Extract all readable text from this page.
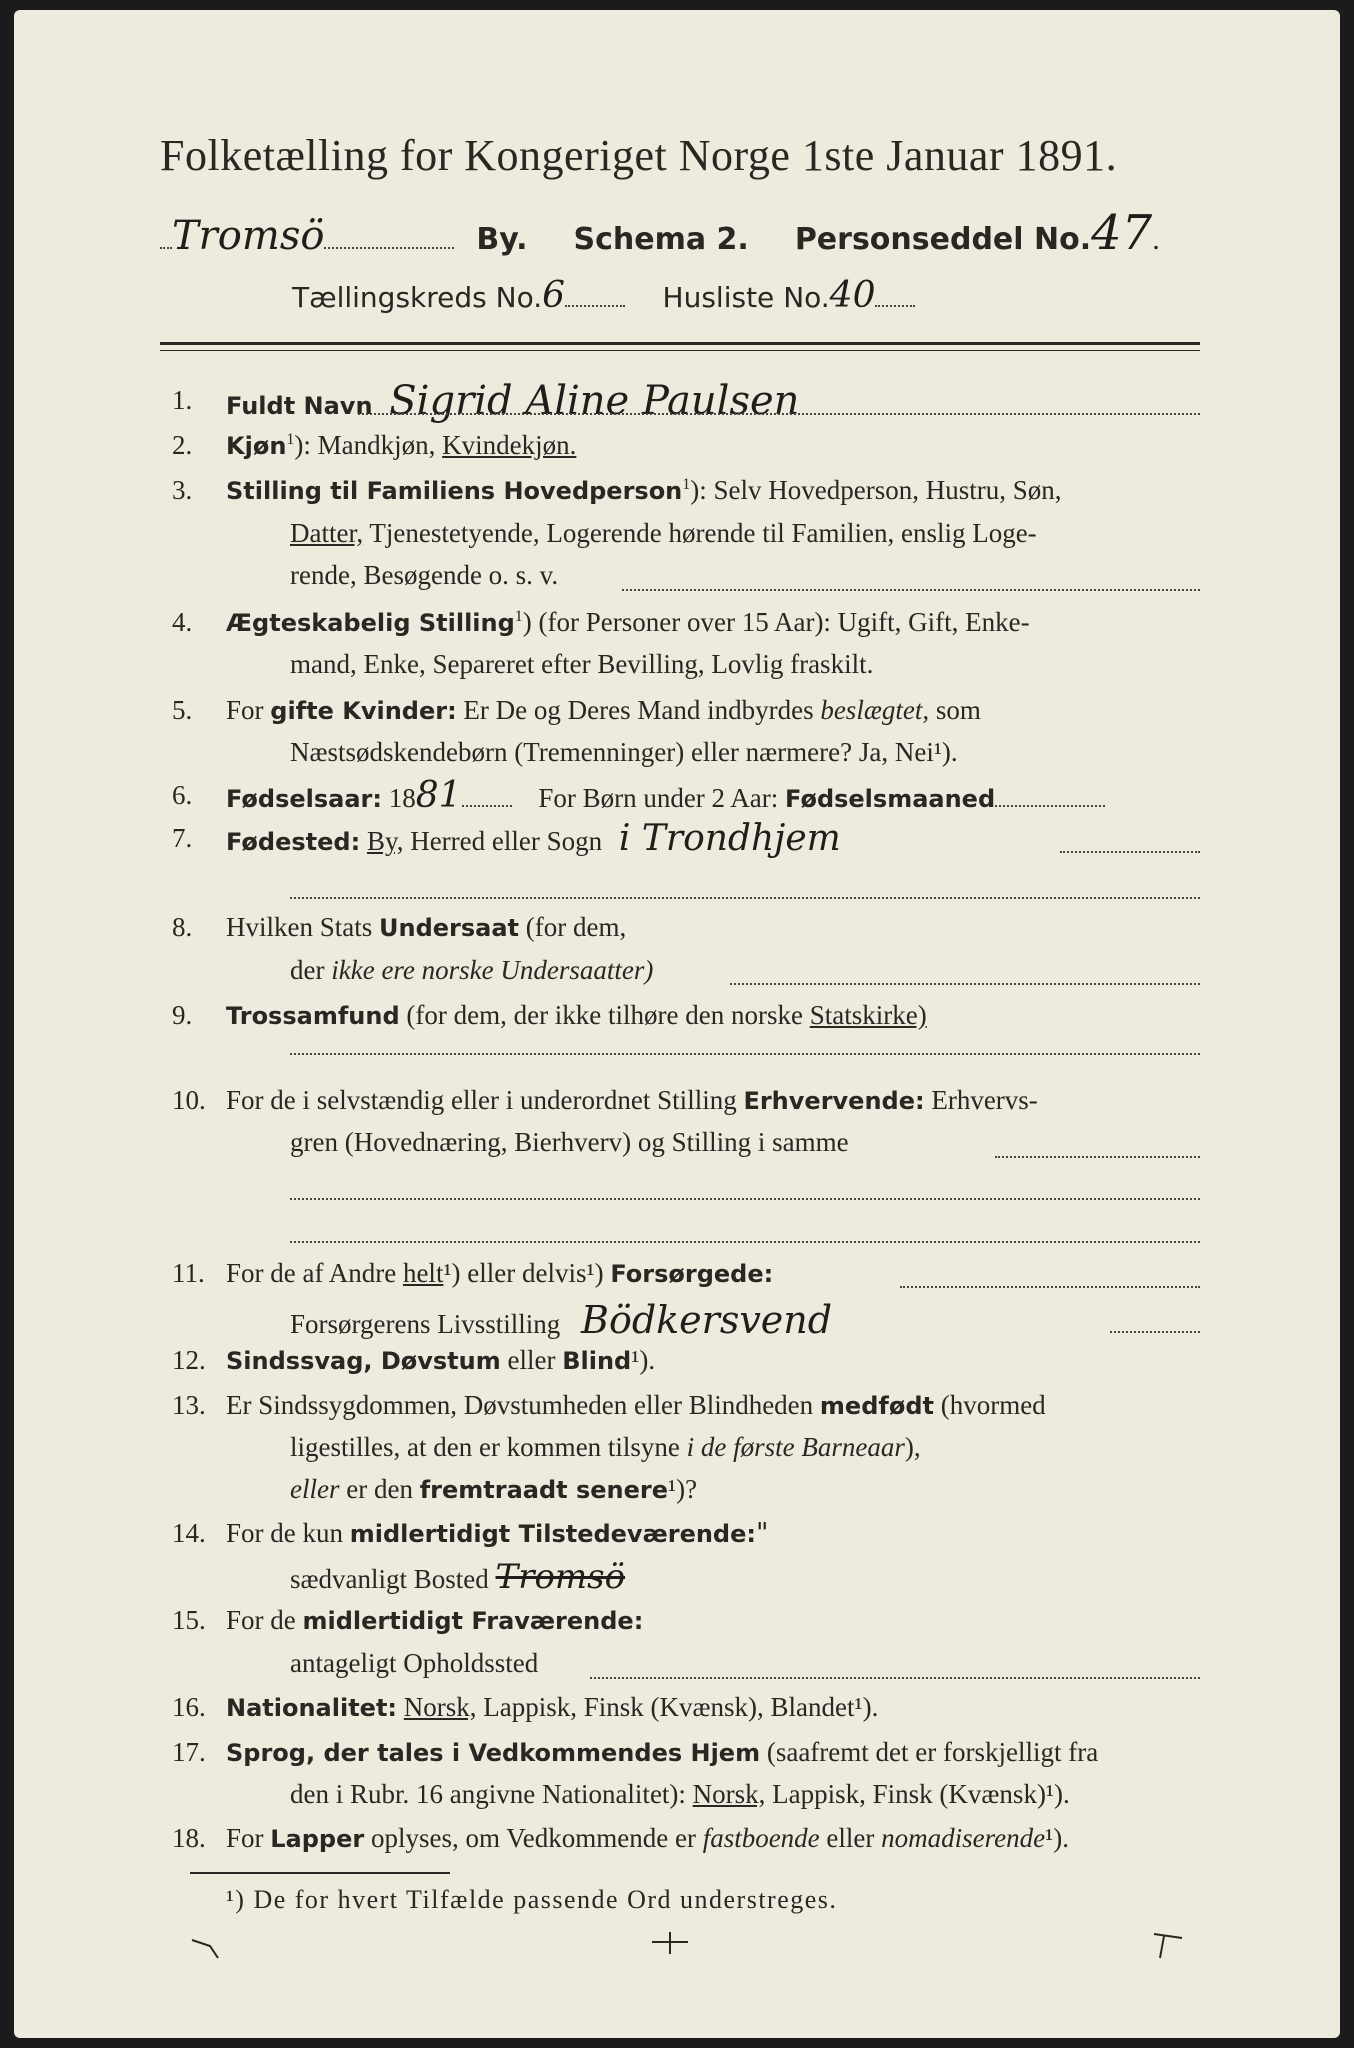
Folketælling for Kongeriget Norge 1ste Januar 1891.
Tromsö	By. Schema 2. Personseddel No.47.
Tællingskreds No.6	Husliste No.40
1. Fuldt Navn Sigrid Aline Paulsen
2. Kjøn$^1$): Mandkjøn, Kvindekjøn.
3. Stilling til Familiens Hovedperson$^1$): Selv Hovedperson, Hustru, Søn,
Datter, Tjenestetyende, Logerende hørende til Familien, enslig Loge-
rende, Besøgende o. s. v.
4. Ægteskabelig Stilling$^1$) (for Personer over 15 Aar): Ugift, Gift, Enke-
mand, Enke, Separeret efter Bevilling, Lovlig fraskilt.
5. For gifte Kvinder: Er De og Deres Mand indbyrdes beslægtet, som
Næstsødskendebørn (Tremenninger) eller nærmere? Ja, Nei¹).
6. Fødselsaar: 1881	For Børn under 2 Aar: Fødselsmaaned
7. Fødested: By, Herred eller Sogn i Trondhjem
8. Hvilken Stats Undersaat (for dem,
der ikke ere norske Undersaatter)
9. Trossamfund (for dem, der ikke tilhøre den norske Statskirke)
10. For de i selvstændig eller i underordnet Stilling Erhvervende: Erhvervs-
gren (Hovednæring, Bierhverv) og Stilling i samme
11. For de af Andre helt¹) eller delvis¹) Forsørgede:
Forsørgerens Livsstilling Bödkersvend
12. Sindssvag, Døvstum eller Blind¹).
13. Er Sindssygdommen, Døvstumheden eller Blindheden medfødt (hvormed
ligestilles, at den er kommen tilsyne i de første Barneaar),
eller er den fremtraadt senere¹)?
14. For de kun midlertidigt Tilstedeværende:"
sædvanligt Bosted Tromsö
15. For de midlertidigt Fraværende:
antageligt Opholdssted
16. Nationalitet: Norsk, Lappisk, Finsk (Kvænsk), Blandet¹).
17. Sprog, der tales i Vedkommendes Hjem (saafremt det er forskjelligt fra
den i Rubr. 16 angivne Nationalitet): Norsk, Lappisk, Finsk (Kvænsk)¹).
18. For Lapper oplyses, om Vedkommende er fastboende eller nomadiserende¹).
¹) De for hvert Tilfælde passende Ord understreges.
